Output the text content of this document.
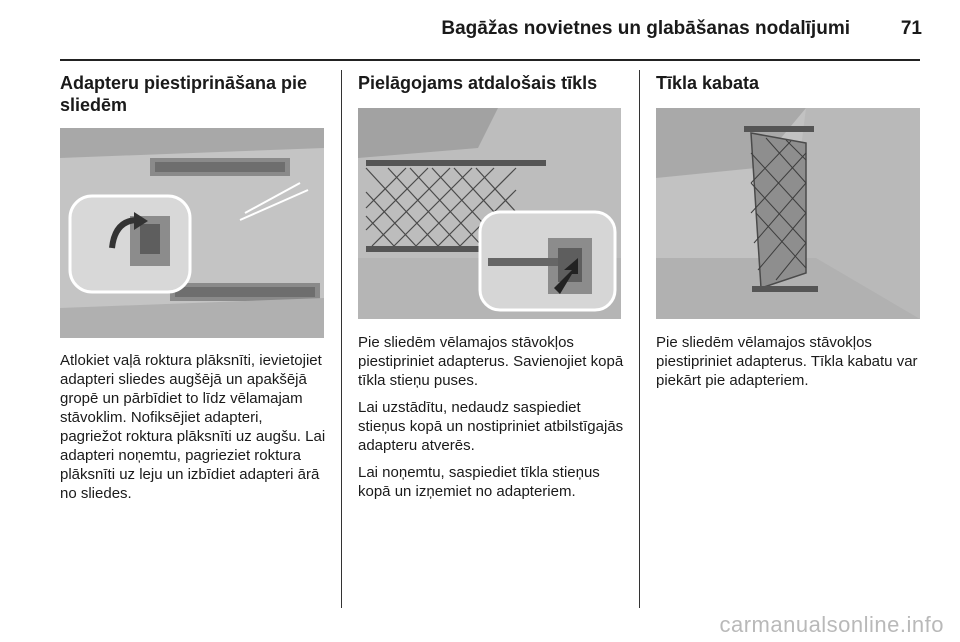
Bagāžas novietnes un glabāšanas nodalījumi	71
Adapteru piestiprināšana pie sliedēm

Atlokiet vaļā roktura plāksnīti, ievietojiet adapteri sliedes augšējā un apakšējā gropē un pārbīdiet to līdz vēlamajam stāvoklim. Nofiksējiet adapteri, pagriežot roktura plāksnīti uz augšu. Lai adapteri noņemtu, pagrieziet roktura plāksnīti uz leju un izbīdiet adapteri ārā no sliedes.

Pielāgojams atdalošais tīkls

Pie sliedēm vēlamajos stāvokļos piestipriniet adapterus. Savienojiet kopā tīkla stieņu puses.

Lai uzstādītu, nedaudz saspiediet stieņus kopā un nostipriniet atbilstīgajās adapteru atverēs.

Lai noņemtu, saspiediet tīkla stieņus kopā un izņemiet no adapteriem.

Tīkla kabata

Pie sliedēm vēlamajos stāvokļos piestipriniet adapterus. Tīkla kabatu var piekārt pie adapteriem.

carmanualsonline.info
